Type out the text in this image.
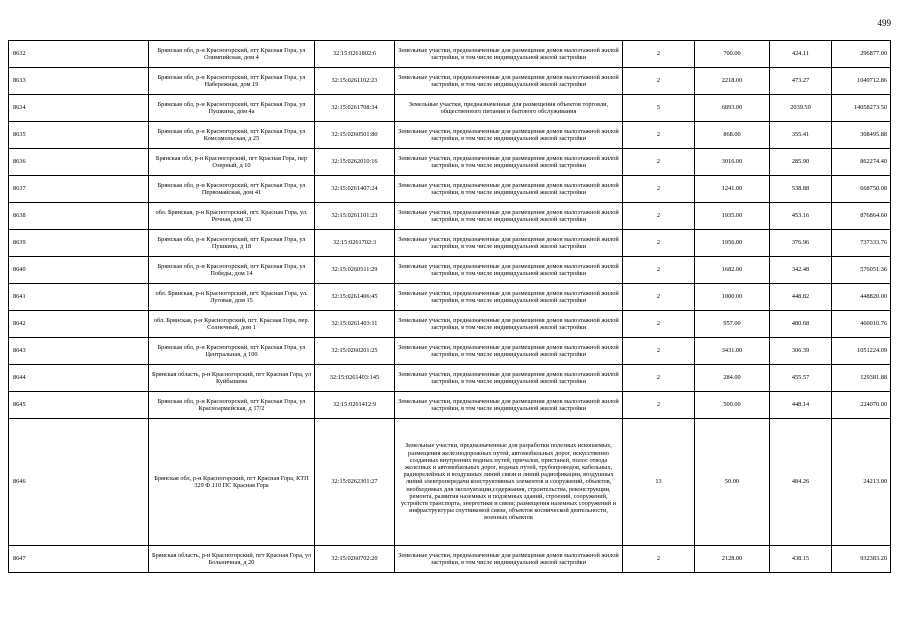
499
8632	Брянская обл, р-н Красногорский, пгт Красная Гора, ул Олимпийская, дом 4	32:15:0261802:6	Земельные участки, предназначенные для размещения домов малоэтажной жилой застройки, в том числе индивидуальной жилой застройки	2	700.00	424.11	296877.00
8633	Брянская обл, р-н Красногорский, пгт Красная Гора, ул Набережная, дом 19	32:15:0261102:23	Земельные участки, предназначенные для размещения домов малоэтажной жилой застройки, в том числе индивидуальной жилой застройки	2	2218.00	473.27	1049712.86
8634	Брянская обл, р-н Красногорский, пгт Красная Гора, ул Пушкина, дом 4а	32:15:0261708:34	Земельные участки, предназначенные для размещения объектов торговли, общественного питания и бытового обслуживания	5	6893.00	2039.50	14058273.50
8635	Брянская обл, р-н Красногорский, пгт Красная Гора, ул Комсомольская, д 25	32:15:0260501:80	Земельные участки, предназначенные для размещения домов малоэтажной жилой застройки, в том числе индивидуальной жилой застройки	2	868.00	355.41	308495.88
8636	Брянская обл, р-н Красногорский, пгт Красная Гора, пер Озерный, д 10	32:15:0262010:16	Земельные участки, предназначенные для размещения домов малоэтажной жилой застройки, в том числе индивидуальной жилой застройки	2	3016.00	285.90	862274.40
8637	Брянская обл, р-н Красногорский, пгт Красная Гора, ул Первомайская, дом 41	32:15:0261407:24	Земельные участки, предназначенные для размещения домов малоэтажной жилой застройки, в том числе индивидуальной жилой застройки	2	1241.00	538.88	668750.08
8638	обл. Брянская, р-н Красногорский, пгт. Красная Гора, ул. Речная, дом 33	32:15:0261101:23	Земельные участки, предназначенные для размещения домов малоэтажной жилой застройки, в том числе индивидуальной жилой застройки	2	1935.00	453.16	876864.60
8639	Брянская обл, р-н Красногорский, пгт Красная Гора, ул Пушкина, д 18	32:15:0261702:3	Земельные участки, предназначенные для размещения домов малоэтажной жилой застройки, в том числе индивидуальной жилой застройки	2	1956.00	376.96	737333.76
8640	Брянская обл, р-н Красногорский, пгт Красная Гора, ул Победы, дом 14	32:15:0260511:29	Земельные участки, предназначенные для размещения домов малоэтажной жилой застройки, в том числе индивидуальной жилой застройки	2	1682.00	342.48	576051.36
8641	обл. Брянская, р-н Красногорский, пгт. Красная Гора, ул. Луговая, дом 15	32:15:0261406:45	Земельные участки, предназначенные для размещения домов малоэтажной жилой застройки, в том числе индивидуальной жилой застройки	2	1000.00	448.82	448820.00
8642	обл. Брянская, р-н Красногорский, пгт. Красная Гора, пер. Солнечный, дом 1	32:15:0261403:11	Земельные участки, предназначенные для размещения домов малоэтажной жилой застройки, в том числе индивидуальной жилой застройки	2	957.00	480.68	460010.76
8643	Брянская обл, р-н Красногорский, пгт Красная Гора, ул Центральная, д 100	32:15:0260201:25	Земельные участки, предназначенные для размещения домов малоэтажной жилой застройки, в том числе индивидуальной жилой застройки	2	3431.00	306.39	1051224.09
8644	Брянская область, р-н Красногорский, пгт Красная Гора, ул Куйбышева	32:15:0261403:145	Земельные участки, предназначенные для размещения домов малоэтажной жилой застройки, в том числе индивидуальной жилой застройки	2	284.00	455.57	129381.88
8645	Брянская обл, р-н Красногорский, пгт Красная Гора, ул Красноармейская, д 17/2	32:15:0261412:9	Земельные участки, предназначенные для размещения домов малоэтажной жилой застройки, в том числе индивидуальной жилой застройки	2	500.00	448.14	224070.00
8646	Брянская обл, р-н Красногорский, пгт Красная Гора, КТП 329 Ф.110 ПС Красная Гора	32:15:0262301:27	Земельные участки, предназначенные для разработки полезных ископаемых, размещения железнодорожных путей, автомобильных дорог, искусственно созданных внутренних водных путей, причалов, пристаней, полос отвода железных и автомобильных дорог, водных путей, трубопроводов, кабельных, радиорелейных и воздушных линий связи и линий радиофикации, воздушных линий электропередачи конструктивных элементов и сооружений, объектов, необходимых для эксплуатации,содержания, строительства, реконструкции, ремонта, развития наземных и подземных зданий, строений, сооружений, устройств транспорта, энергетики и связи; размещения наземных сооружений и инфраструктуры спутниковой связи, объектов космической деятельности, военных объектов	13	50.00	484.26	24213.00
8647	Брянская область, р-н Красногорский, пгт Красная Гора, ул Больничная, д 20	32:15:0260702:20	Земельные участки, предназначенные для размещения домов малоэтажной жилой застройки, в том числе индивидуальной жилой застройки	2	2128.00	438.15	932383.20
